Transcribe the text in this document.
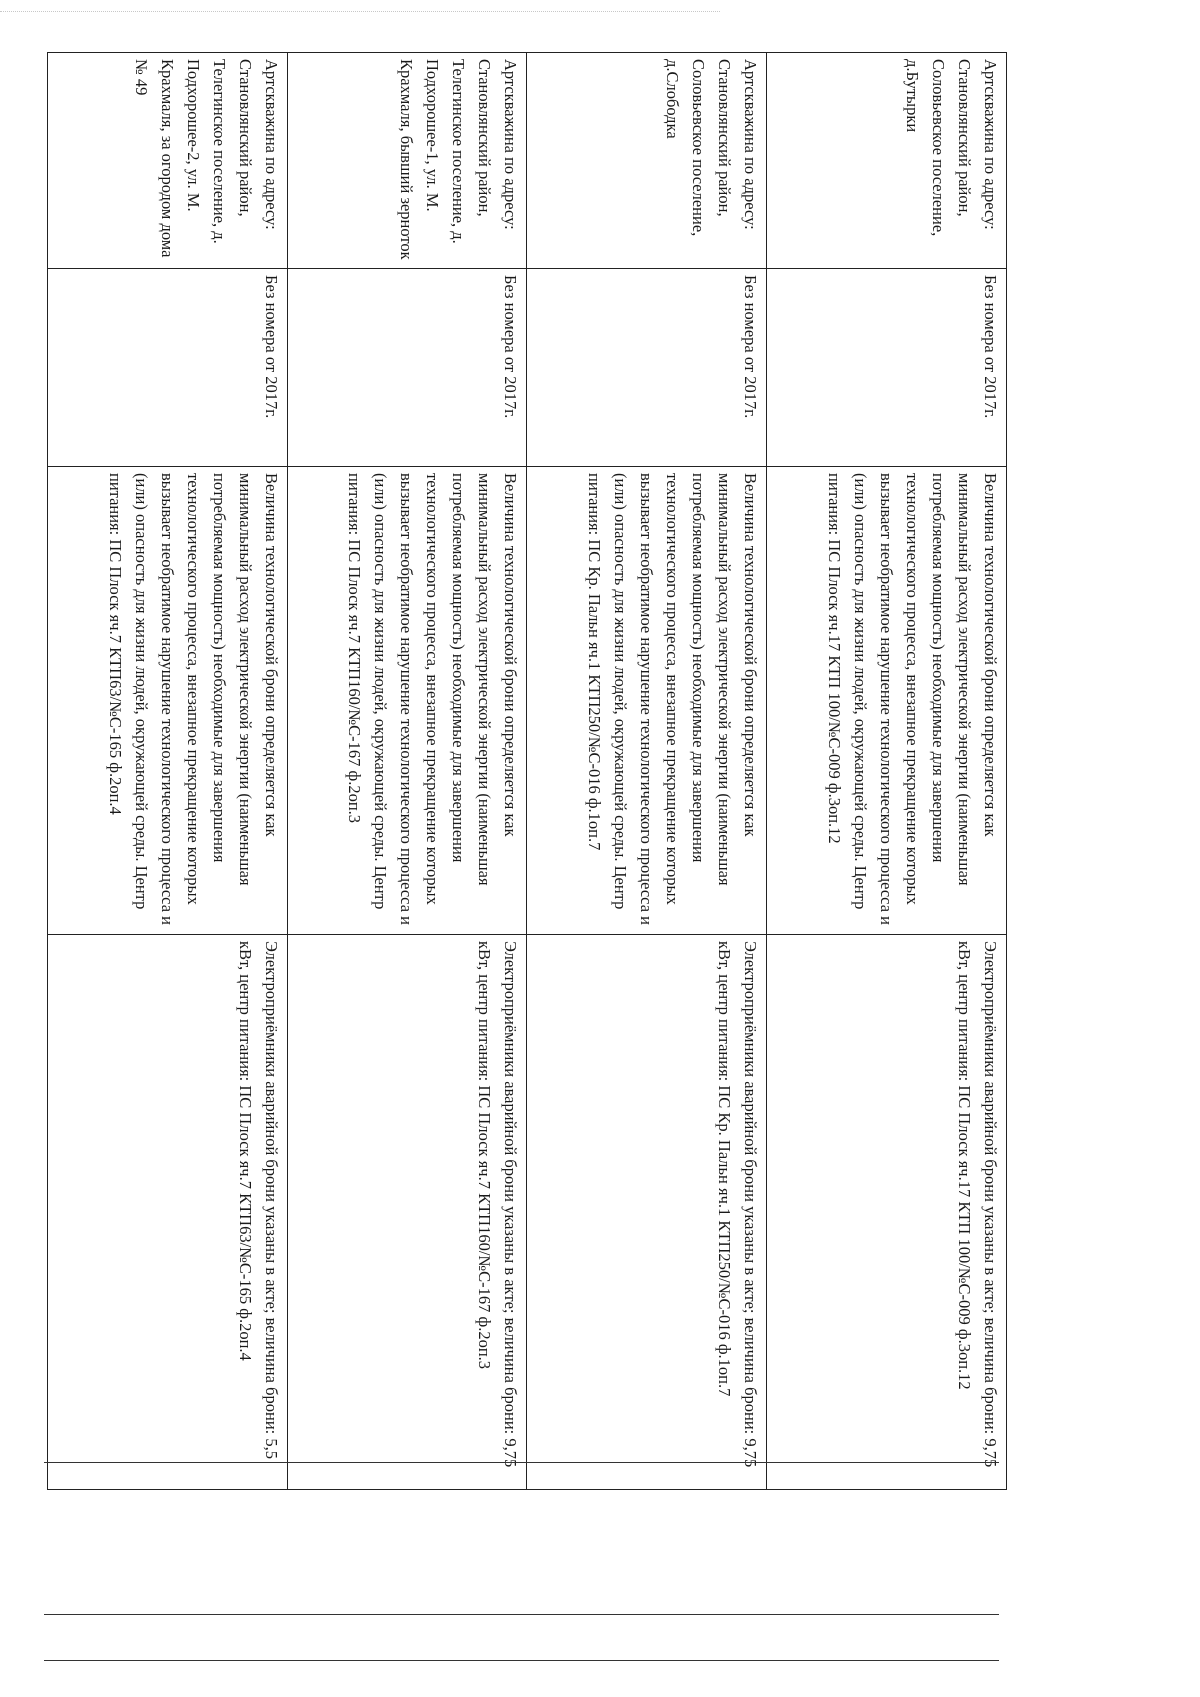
Артскважина по адресу: Становлянский район, Соловьевское поселение, д.Бутырки	Без номера от 2017г.	Величина технологической брони определяется как минимальный расход электрической энергии (наименьшая потребляемая мощность) необходимые для завершения технологического процесса, внезапное прекращение которых вызывает необратимое нарушение технологического процесса и (или) опасность для жизни людей, окружающей среды. Центр питания: ПС Плоск яч.17 КТП 100/№С-009 ф.3оп.12	Электроприёмники аварийной брони указаны в акте; величина брони: 9,75 кВт, центр питания: ПС Плоск яч.17 КТП 100/№С-009 ф.3оп.12
Артскважина по адресу: Становлянский район, Соловьевское поселение, д.Слободка	Без номера от 2017г.	Величина технологической брони определяется как минимальный расход электрической энергии (наименьшая потребляемая мощность) необходимые для завершения технологического процесса, внезапное прекращение которых вызывает необратимое нарушение технологического процесса и (или) опасность для жизни людей, окружающей среды. Центр питания: ПС Кр. Пальн яч.1 КТП250/№С-016 ф.1оп.7	Электроприёмники аварийной брони указаны в акте; величина брони: 9,75 кВт, центр питания: ПС Кр. Пальн яч.1 КТП250/№С-016 ф.1оп.7
Артскважина по адресу: Становлянский район, Телегинское поселение, д. Подхорошее-1, ул. М. Крахмаля, бывший зерноток	Без номера от 2017г.	Величина технологической брони определяется как минимальный расход электрической энергии (наименьшая потребляемая мощность) необходимые для завершения технологического процесса, внезапное прекращение которых вызывает необратимое нарушение технологического процесса и (или) опасность для жизни людей, окружающей среды. Центр питания: ПС Плоск яч.7 КТП160/№С-167 ф.2оп.3	Электроприёмники аварийной брони указаны в акте; величина брони: 9,75 кВт, центр питания: ПС Плоск яч.7 КТП160/№С-167 ф.2оп.3
Артскважина по адресу: Становлянский район, Телегинское поселение, д. Подхорошее-2, ул. М. Крахмаля, за огородом дома № 49	Без номера от 2017г.	Величина технологической брони определяется как минимальный расход электрической энергии (наименьшая потребляемая мощность) необходимые для завершения технологического процесса, внезапное прекращение которых вызывает необратимое нарушение технологического процесса и (или) опасность для жизни людей, окружающей среды. Центр питания: ПС Плоск яч.7 КТП63/№С-165 ф.2оп.4	Электроприёмники аварийной брони указаны в акте; величина брони: 5,5 кВт, центр питания: ПС Плоск яч.7 КТП63/№С-165 ф.2оп.4
